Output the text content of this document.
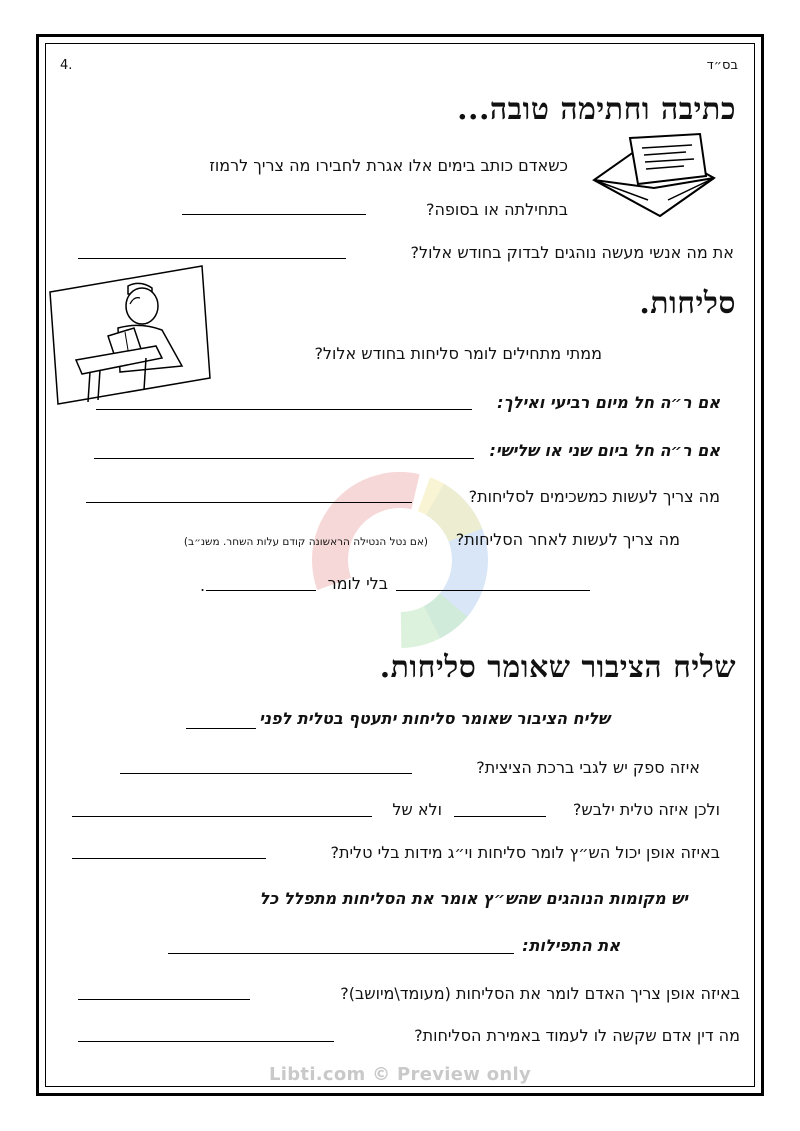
בס״ד
4.
כתיבה וחתימה טובה...
כשאדם כותב בימים אלו אגרת לחבירו מה צריך לרמוז
בתחילתה או בסופה?
את מה אנשי מעשה נוהגים לבדוק בחודש אלול?
סליחות.
ממתי מתחילים לומר סליחות בחודש אלול?
אם ר״ה חל מיום רביעי ואילך:
אם ר״ה חל ביום שני או שלישי:
מה צריך לעשות כמשכימים לסליחות?
מה צריך לעשות לאחר הסליחות?
(אם נטל הנטילה הראשונה קודם עלות השחר. משנ״ב)
בלי לומר
.
שליח הציבור שאומר סליחות.
שליח הציבור שאומר סליחות יתעטף בטלית לפני
איזה ספק יש לגבי ברכת הציצית?
ולכן איזה טלית ילבש?
ולא של
באיזה אופן יכול הש״ץ לומר סליחות וי״ג מידות בלי טלית?
יש מקומות הנוהגים שהש״ץ אומר את הסליחות מתפלל כל
את התפילות:
באיזה אופן צריך האדם לומר את הסליחות (מעומד\מיושב)?
מה דין אדם שקשה לו לעמוד באמירת הסליחות?
Libti.com © Preview only
